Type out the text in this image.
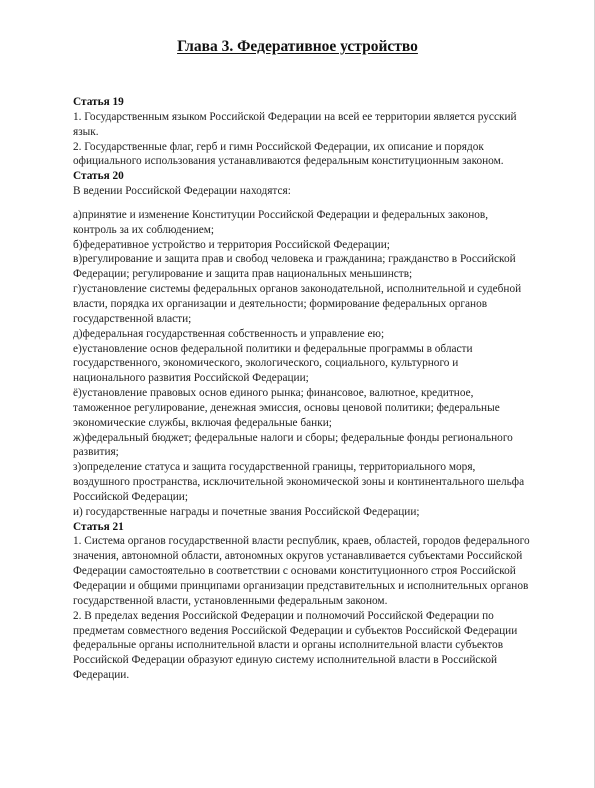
Глава 3. Федеративное устройство

Статья 19

1. Государственным языком Российской Федерации на всей ее территории является русский язык.

2. Государственные флаг, герб и гимн Российской Федерации, их описание и порядок официального использования устанавливаются федеральным конституционным законом.

Статья 20

В ведении Российской Федерации находятся:

а)принятие и изменение Конституции Российской Федерации и федеральных законов, контроль за их соблюдением;

б)федеративное устройство и территория Российской Федерации;

в)регулирование и защита прав и свобод человека и гражданина; гражданство в Российской Федерации; регулирование и защита прав национальных меньшинств;

г)установление системы федеральных органов законодательной, исполнительной и судебной власти, порядка их организации и деятельности; формирование федеральных органов государственной власти;

д)федеральная государственная собственность и управление ею;

е)установление основ федеральной политики и федеральные программы в области государственного, экономического, экологического, социального, культурного и национального развития Российской Федерации;

ё)установление правовых основ единого рынка; финансовое, валютное, кредитное, таможенное регулирование, денежная эмиссия, основы ценовой политики; федеральные экономические службы, включая федеральные банки;

ж)федеральный бюджет; федеральные налоги и сборы; федеральные фонды регионального развития;

з)определение статуса и защита государственной границы, территориального моря, воздушного пространства, исключительной экономической зоны и континентального шельфа Российской Федерации;

и) государственные награды и почетные звания Российской Федерации;

Статья 21

1. Система органов государственной власти республик, краев, областей, городов федерального значения, автономной области, автономных округов устанавливается субъектами Российской Федерации самостоятельно в соответствии с основами конституционного строя Российской Федерации и общими принципами организации представительных и исполнительных органов государственной власти, установленными федеральным законом.

2. В пределах ведения Российской Федерации и полномочий Российской Федерации по предметам совместного ведения Российской Федерации и субъектов Российской Федерации федеральные органы исполнительной власти и органы исполнительной власти субъектов Российской Федерации образуют единую систему исполнительной власти в Российской Федерации.
